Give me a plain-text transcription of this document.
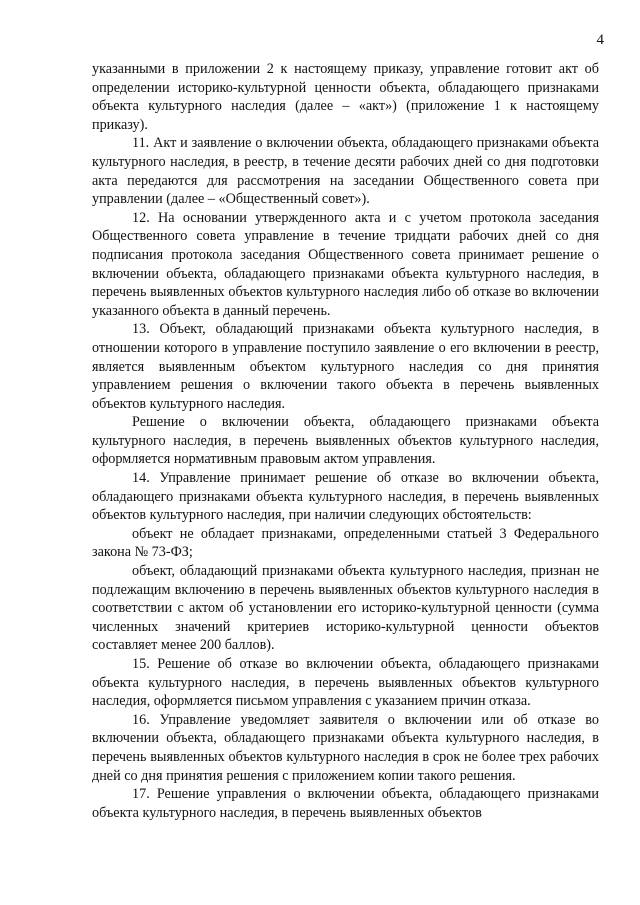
4

указанными в приложении 2 к настоящему приказу, управление готовит акт об определении историко-культурной ценности объекта, обладающего признаками объекта культурного наследия (далее – «акт») (приложение 1 к настоящему приказу).

11. Акт и заявление о включении объекта, обладающего признаками объекта культурного наследия, в реестр, в течение десяти рабочих дней со дня подготовки акта передаются для рассмотрения на заседании Общественного совета при управлении (далее – «Общественный совет»).

12. На основании утвержденного акта и с учетом протокола заседания Общественного совета управление в течение тридцати рабочих дней со дня подписания протокола заседания Общественного совета принимает решение о включении объекта, обладающего признаками объекта культурного наследия, в перечень выявленных объектов культурного наследия либо об отказе во включении указанного объекта в данный перечень.

13. Объект, обладающий признаками объекта культурного наследия, в отношении которого в управление поступило заявление о его включении в реестр, является выявленным объектом культурного наследия со дня принятия управлением решения о включении такого объекта в перечень выявленных объектов культурного наследия.

Решение о включении объекта, обладающего признаками объекта культурного наследия, в перечень выявленных объектов культурного наследия, оформляется нормативным правовым актом управления.

14. Управление принимает решение об отказе во включении объекта, обладающего признаками объекта культурного наследия, в перечень выявленных объектов культурного наследия, при наличии следующих обстоятельств:

объект не обладает признаками, определенными статьей 3 Федерального закона № 73-ФЗ;

объект, обладающий признаками объекта культурного наследия, признан не подлежащим включению в перечень выявленных объектов культурного наследия в соответствии с актом об установлении его историко-культурной ценности (сумма численных значений критериев историко-культурной ценности объектов составляет менее 200 баллов).

15. Решение об отказе во включении объекта, обладающего признаками объекта культурного наследия, в перечень выявленных объектов культурного наследия, оформляется письмом управления с указанием причин отказа.

16. Управление уведомляет заявителя о включении или об отказе во включении объекта, обладающего признаками объекта культурного наследия, в перечень выявленных объектов культурного наследия в срок не более трех рабочих дней со дня принятия решения с приложением копии такого решения.

17. Решение управления о включении объекта, обладающего признаками объекта культурного наследия, в перечень выявленных объектов
